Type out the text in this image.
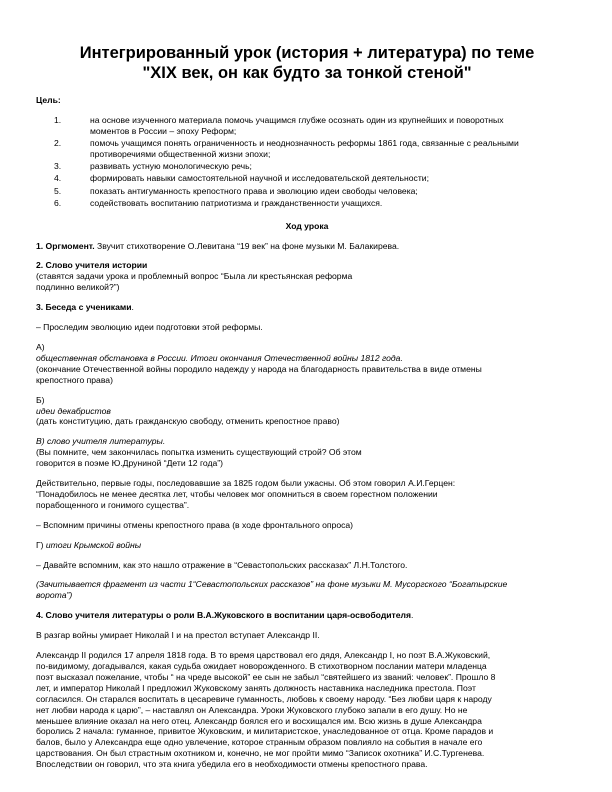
Интегрированный урок (история + литература) по теме
"XIX век, он как будто за тонкой стеной"
Цель:
1.	на основе изученного материала помочь учащимся глубже осознать один из крупнейших и поворотных
моментов в России – эпоху Реформ;
2.	помочь учащимся понять ограниченность и неоднозначность реформы 1861 года, связанные с реальными
противоречиями общественной жизни эпохи;
3.	развивать устную монологическую речь;
4.	формировать навыки самостоятельной научной и исследовательской деятельности;
5.	показать антигуманность крепостного права и эволюцию идеи свободы человека;
6.	содействовать воспитанию патриотизма и гражданственности учащихся.
Ход урока

1. Оргмомент. Звучит стихотворение О.Левитана “19 век” на фоне музыки М. Балакирева.

2. Слово учителя истории
(ставятся задачи урока и проблемный вопрос “Была ли крестьянская реформа
подлинно великой?”)

3. Беседа с учениками.

– Проследим эволюцию идеи подготовки этой реформы.

А)
общественная обстановка в России. Итоги окончания Отечественной войны 1812 года.
(окончание Отечественной войны породило надежду у народа на благодарность правительства в виде отмены
крепостного права)

Б)
идеи декабристов
(дать конституцию, дать гражданскую свободу, отменить крепостное право)

В) слово учителя литературы.
(Вы помните, чем закончилась попытка изменить существующий строй? Об этом
говорится в поэме Ю.Друниной “Дети 12 года”)

Действительно, первые годы, последовавшие за 1825 годом были ужасны. Об этом говорил А.И.Герцен:
“Понадобилось не менее десятка лет, чтобы человек мог опомниться в своем горестном положении
порабощенного и гонимого существа”.

– Вспомним причины отмены крепостного права (в ходе фронтального опроса)

Г) итоги Крымской войны

– Давайте вспомним, как это нашло отражение в “Севастопольских рассказах” Л.Н.Толстого.

(Зачитывается фрагмент из части 1“Севастопольских рассказов” на фоне музыки М. Мусоргского “Богатырские
ворота”)

4. Слово учителя литературы о роли В.А.Жуковского в воспитании царя-освободителя.

В разгар войны умирает Николай I и на престол вступает Александр II.

Александр II родился 17 апреля 1818 года. В то время царствовал его дядя, Александр I, но поэт В.А.Жуковский,
по-видимому, догадывался, какая судьба ожидает новорожденного. В стихотворном послании матери младенца
поэт высказал пожелание, чтобы “ на чреде высокой” ее сын не забыл “святейшего из званий: человек”. Прошло 8
лет, и император Николай I предложил Жуковскому занять должность наставника наследника престола. Поэт
согласился. Он старался воспитать в цесаревиче гуманность, любовь к своему народу. “Без любви царя к народу
нет любви народа к царю”, – наставлял он Александра. Уроки Жуковского глубоко запали в его душу. Но не
меньшее влияние оказал на него отец. Александр боялся его и восхищался им. Всю жизнь в душе Александра
боролись 2 начала: гуманное, привитое Жуковским, и милитаристское, унаследованное от отца. Кроме парадов и
балов, было у Александра еще одно увлечение, которое странным образом повлияло на события в начале его
царствования. Он был страстным охотником и, конечно, не мог пройти мимо “Записок охотника” И.С.Тургенева.
Впоследствии он говорил, что эта книга убедила его в необходимости отмены крепостного права.
